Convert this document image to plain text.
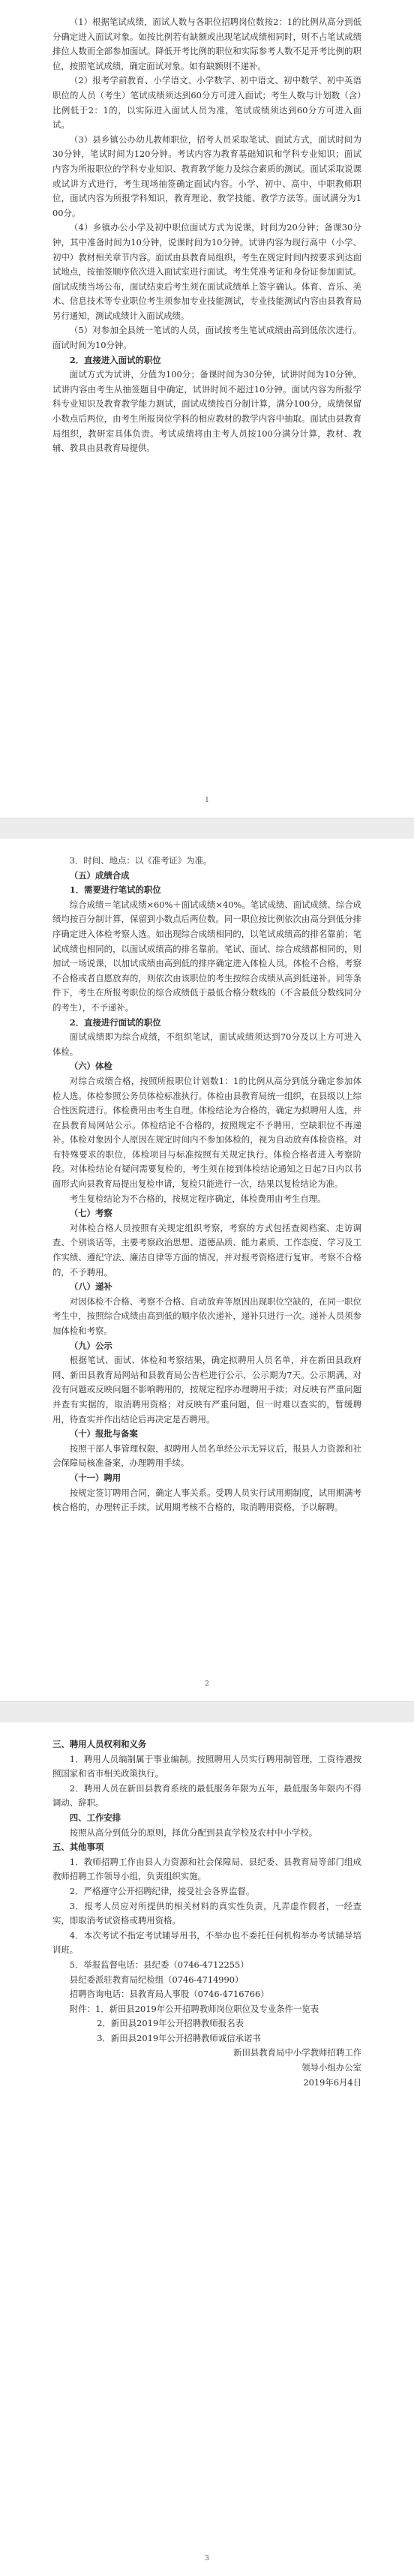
（1）根据笔试成绩，面试人数与各职位招聘岗位数按2：1的比例从高分到低分确定进入面试对象。如按比例若有缺额或出现笔试成绩相同时，则不占笔试成绩排位人数而全部参加面试。降低开考比例的职位和实际参考人数不足开考比例的职位，按照笔试成绩，确定面试对象。如有缺额则不递补。

（2）报考学前教育、小学语文、小学数学、初中语文、初中数学、初中英语职位的人员（考生）笔试成绩须达到60分方可进入面试；考生人数与计划数（含）比例低于2：1的，以实际进入面试人员为准，笔试成绩须达到60分方可进入面试。

（3）县乡镇公办幼儿教师职位，招考人员采取笔试、面试方式，面试时间为30分钟，笔试时间为120分钟。考试内容为教育基础知识和学科专业知识；面试内容为所报职位的学科专业知识、教育教学能力及综合素质的测试。面试采取说课或试讲方式进行，考生现场抽签确定面试内容。小学、初中、高中、中职教师职位，面试内容为所报学科知识，教育理论、教学技能、教学方法等。面试满分为100分。

（4）乡镇办公小学及初中职位面试方式为说课，时间为20分钟；备课30分钟，其中准备时间为10分钟，说课时间为10分钟。试讲内容为现行高中（小学、初中）教材相关章节内容。面试由县教育局组织，考生在规定时间内按要求到达面试地点，按抽签顺序依次进入面试室进行面试。考生凭准考证和身份证参加面试。面试成绩当场公布，面试结束后考生须在面试成绩单上签字确认。体育、音乐、美术、信息技术等专业职位考生须参加专业技能测试，专业技能测试内容由县教育局另行通知，测试成绩计入面试成绩。

（5）对参加全县统一笔试的人员，面试按考生笔试成绩由高到低依次进行。面试时间为10分钟。

2．直接进入面试的职位

面试方式为试讲，分值为100分；备课时间为30分钟，试讲时间为10分钟。试讲内容由考生从抽签题目中确定，试讲时间不超过10分钟。面试内容为所报学科专业知识及教育教学能力测试，面试成绩按百分制计算，满分100分，成绩保留小数点后两位，由考生所报岗位学科的相应教材的教学内容中抽取。面试由县教育局组织，教研室具体负责。考试成绩将由主考人员按100分满分计算，教材、教辅、教具由县教育局提供。

1

3．时间、地点：以《准考证》为准。

（五）成绩合成

1．需要进行笔试的职位

综合成绩＝笔试成绩×60%＋面试成绩×40%。笔试成绩、面试成绩、综合成绩均按百分制计算，保留到小数点后两位数。同一职位按比例依次由高分到低分排序确定进入体检考察人选。如出现综合成绩相同的，以笔试成绩高的排名靠前；笔试成绩也相同的，以面试成绩高的排名靠前。笔试、面试、综合成绩都相同的，则加试一场说课，以加试成绩由高到低的排序确定进入体检人员。体检不合格，考察不合格或者自愿放弃的，则依次由该职位的考生按综合成绩从高到低递补。同等条件下，考生在所报考职位的综合成绩低于最低合格分数线的（不含最低分数线同分的考生），不予递补。

2．直接进行面试的职位

面试成绩即为综合成绩，不组织笔试，面试成绩须达到70分及以上方可进入体检。

（六）体检

对综合成绩合格，按照所报职位计划数1：1的比例从高分到低分确定参加体检人选。体检参照公务员体检标准执行。体检由县教育局统一组织，在县级以上综合性医院进行。体检费用由考生自理。体检结论为合格的，确定为拟聘用人选，并在县教育局网站公示。体检结论不合格的，按照规定不予聘用，空缺职位不再递补。体检对象因个人原因在规定时间内不参加体检的，视为自动放弃体检资格。对有特殊要求的职位，体检项目与标准按照有关规定执行。体检合格者进入考察阶段。对体检结论有疑问需要复检的，考生须在接到体检结论通知之日起7日内以书面形式向县教育局提出复检申请，复检只能进行一次，结果以复检结论为准。

考生复检结论为不合格的，按规定程序确定，体检费用由考生自理。

（七）考察

对体检合格人员按照有关规定组织考察，考察的方式包括查阅档案、走访调查、个别谈话等，主要考察政治思想、道德品质、能力素质、工作态度、学习及工作实绩、遵纪守法、廉洁自律等方面的情况，并对报考资格进行复审。考察不合格的，不予聘用。

（八）递补

对因体检不合格、考察不合格、自动放弃等原因出现职位空缺的，在同一职位考生中，按照综合成绩由高到低的顺序依次递补，递补只进行一次。递补人员须参加体检和考察。

（九）公示

根据笔试、面试、体检和考察结果，确定拟聘用人员名单，并在新田县政府网、新田县教育局网站和县教育局公告栏进行公示，公示期为7天。公示期满，对没有问题或反映问题不影响聘用的，按规定程序办理聘用手续；对反映有严重问题并查有实据的，取消聘用资格；对反映有严重问题，但一时难以查实的，暂缓聘用，待查实并作出结论后再决定是否聘用。

（十）报批与备案

按照干部人事管理权限，拟聘用人员名单经公示无异议后，报县人力资源和社会保障局核准备案，办理聘用手续。

（十一）聘用

按规定签订聘用合同，确定人事关系。受聘人员实行试用期制度，试用期满考核合格的，办理转正手续，试用期考核不合格的，取消聘用资格，予以解聘。

2

三、聘用人员权利和义务

1．聘用人员编制属于事业编制。按照聘用人员实行聘用制管理，工资待遇按照国家和省市相关政策执行。

2．聘用人员在新田县教育系统的最低服务年限为五年，最低服务年限内不得调动、辞职。

四、工作安排

按照从高分到低分的原则，择优分配到县直学校及农村中小学校。

五、其他事项

1．教师招聘工作由县人力资源和社会保障局、县纪委、县教育局等部门组成教师招聘工作领导小组，负责组织实施。

2．严格遵守公开招聘纪律，接受社会各界监督。

3．报考人员应对所提供的相关材料的真实性负责，凡弄虚作假者，一经查实，即取消考试资格或聘用资格。

4．本次考试不指定考试辅导用书，不举办也不委托任何机构举办考试辅导培训班。

5．举报监督电话：县纪委（0746-4712255）

县纪委派驻教育局纪检组（0746-4714990）

招聘咨询电话：县教育局人事股（0746-4716766）

附件：1．新田县2019年公开招聘教师岗位职位及专业条件一览表

2．新田县2019年公开招聘教师报名表

3．新田县2019年公开招聘教师诚信承诺书

新田县教育局中小学教师招聘工作

领导小组办公室

2019年6月4日

3
